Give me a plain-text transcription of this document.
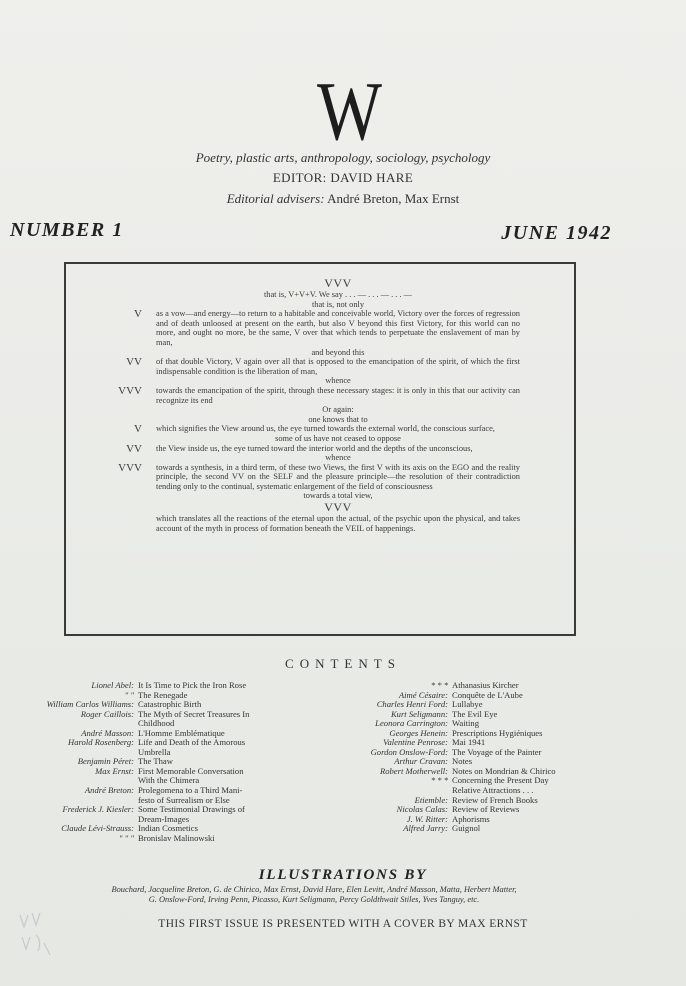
W
Poetry, plastic arts, anthropology, sociology, psychology
EDITOR: DAVID HARE
Editorial advisers: André Breton, Max Ernst
NUMBER 1	JUNE 1942
VVV
that is, V+V+V. We say . . . — . . . — . . . —
that is, not only
V as a vow—and energy—to return to a habitable and conceivable world, Victory over the forces of regression and of death unloosed at present on the earth, but also V beyond this first Victory, for this world can no more, and ought no more, be the same, V over that which tends to perpetuate the enslavement of man by man,
and beyond this
VV of that double Victory, V again over all that is opposed to the emancipation of the spirit, of which the first indispensable condition is the liberation of man,
whence
VVV towards the emancipation of the spirit, through these necessary stages: it is only in this that our activity can recognize its end
Or again:
one knows that to
V which signifies the View around us, the eye turned towards the external world, the conscious surface,
some of us have not ceased to oppose
VV the View inside us, the eye turned toward the interior world and the depths of the unconscious,
whence
VVV towards a synthesis, in a third term, of these two Views, the first V with its axis on the EGO and the reality principle, the second VV on the SELF and the pleasure principle—the resolution of their contradiction tending only to the continual, systematic enlargement of the field of consciousness
towards a total view,
VVV
which translates all the reactions of the eternal upon the actual, of the psychic upon the physical, and takes account of the myth in process of formation beneath the VEIL of happenings.
CONTENTS
Lionel Abel: It Is Time to Pick the Iron Rose
" " The Renegade
William Carlos Williams: Catastrophic Birth
Roger Caillois: The Myth of Secret Treasures In
Childhood
André Masson: L'Homme Emblématique
Harold Rosenberg: Life and Death of the Amorous
Umbrella
Benjamin Péret: The Thaw
Max Ernst: First Memorable Conversation
With the Chimera
André Breton: Prolegomena to a Third Mani-
festo of Surrealism or Else
Frederick J. Kiesler: Some Testimonial Drawings of
Dream-Images
Claude Lévi-Strauss: Indian Cosmetics
" " " Bronislav Malinowski
* * * Athanasius Kircher
Aimé Césaire: Conquête de L'Aube
Charles Henri Ford: Lullabye
Kurt Seligmann: The Evil Eye
Leonora Carrington: Waiting
Georges Henein: Prescriptions Hygiéniques
Valentine Penrose: Mai 1941
Gordon Onslow-Ford: The Voyage of the Painter
Arthur Cravan: Notes
Robert Motherwell: Notes on Mondrian & Chirico
* * * Concerning the Present Day
Relative Attractions . . .
Etiemble: Review of French Books
Nicolas Calas: Review of Reviews
J. W. Ritter: Aphorisms
Alfred Jarry: Guignol
ILLUSTRATIONS BY
Bouchard, Jacqueline Breton, G. de Chirico, Max Ernst, David Hare, Elen Levitt, André Masson, Matta, Herbert Matter,
G. Onslow-Ford, Irving Penn, Picasso, Kurt Seligmann, Percy Goldthwait Stiles, Yves Tanguy, etc.
THIS FIRST ISSUE IS PRESENTED WITH A COVER BY MAX ERNST
